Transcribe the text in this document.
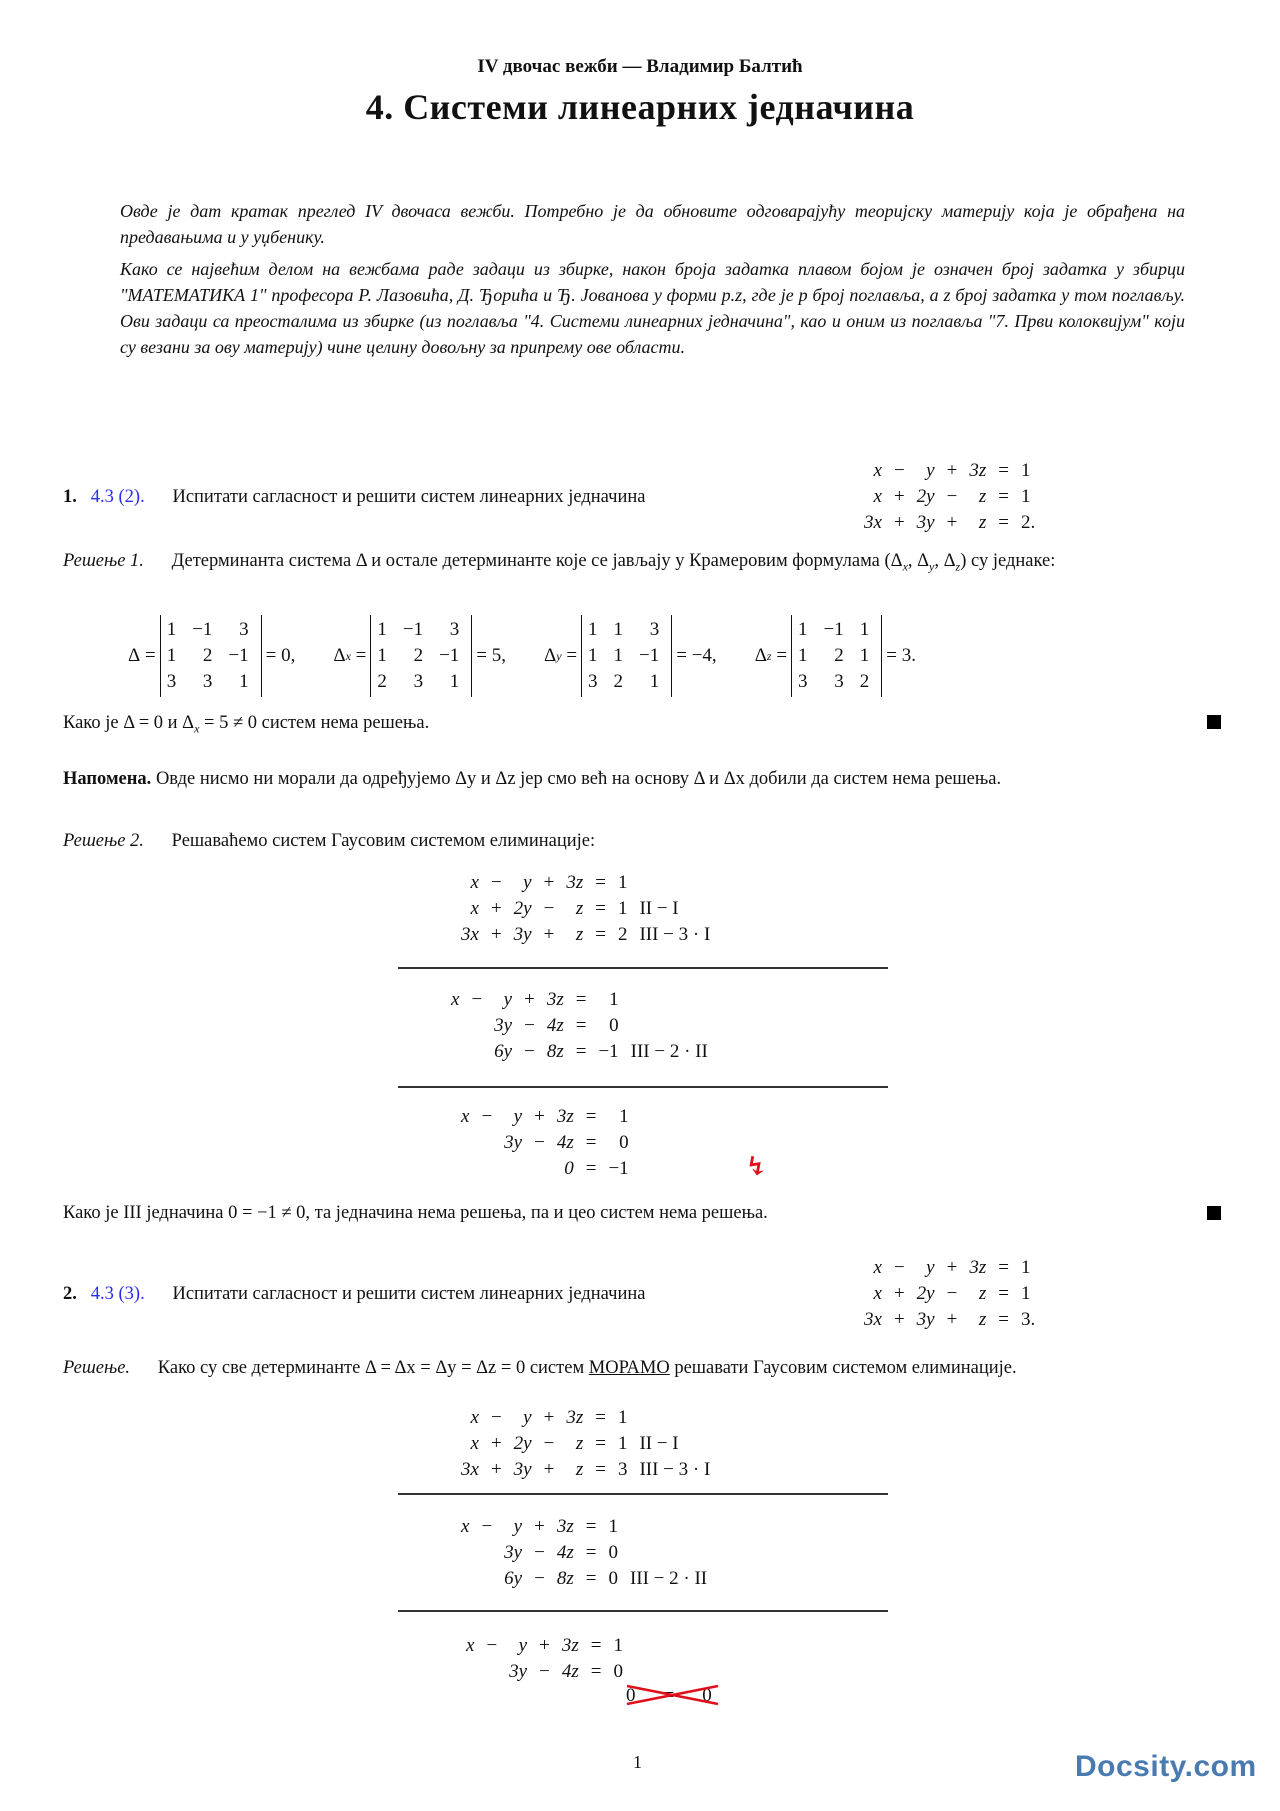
IV двочас вежби — Владимир Балтић
4. Системи линеарних једначина
Овде је дат кратак преглед IV двочаса вежби. Потребно је да обновите одговарајућу теоријску материју која је обрађена на предавањима и у уџбенику.
Како се највећим делом на вежбама раде задаци из збирке, након броја задатка плавом бојом је означен број задатка у збирци "МАТЕМАТИКА 1" професора Р. Лазовића, Д. Ђорића и Ђ. Јованова у форми p.z, где је p број поглавља, а z број задатка у том поглављу. Ови задаци са преосталима из збирке (из поглавља "4. Системи линеарних једначина", као и оним из поглавља "7. Први колоквијум" који су везани за ову материју) чине целину довољну за припрему ове области.
1. 4.3 (2). Испитати сагласност и решити систем линеарних једначина
x	−	y	+	3z	=	1
x	+	2y	−	z	=	1
3x	+	3y	+	z	=	2.
Решење 1. Детерминанта система Δ и остале детерминанте које се јављају у Крамеровим формулама ($\Delta_x$, $\Delta_y$, $\Delta_z$) су једнаке:
Δ =
1	−1	3
1	2	−1
3	3	1
= 0, Δ x =
1	−1	3
1	2	−1
2	3	1
= 5, Δ y =
1	1	3
1	1	−1
3	2	1
= −4, Δ z =
1	−1	1
1	2	1
3	3	2
= 3.
Како је Δ = 0 и $\Delta_x = 5 \ne 0$ систем нема решења.
Напомена. Овде нисмо ни морали да одређујемо Δy и Δz јер смо већ на основу Δ и Δx добили да систем нема решења.
Решење 2. Решаваћемо систем Гаусовим системом елиминације:
x	−	y	+	3z	=	1	
x	+	2y	−	z	=	1	II − I
3x	+	3y	+	z	=	2	III − 3 · I
x	−	y	+	3z	=	1	
		3y	−	4z	=	0	
		6y	−	8z	=	−1	III − 2 · II
x	−	y	+	3z	=	1
		3y	−	4z	=	0
				0	=	−1	↯
Како је III једначина 0 = −1 ≠ 0, та једначина нема решења, па и цео систем нема решења.
2. 4.3 (3). Испитати сагласност и решити систем линеарних једначина
x	−	y	+	3z	=	1
x	+	2y	−	z	=	1
3x	+	3y	+	z	=	3.
Решење. Како су све детерминанте Δ = Δx = Δy = Δz = 0 систем МОРАМО решавати Гаусовим системом елиминације.
x	−	y	+	3z	=	1	
x	+	2y	−	z	=	1	II − I
3x	+	3y	+	z	=	3	III − 3 · I
x	−	y	+	3z	=	1	
		3y	−	4z	=	0	
		6y	−	8z	=	0	III − 2 · II
x	−	y	+	3z	=	1
		3y	−	4z	=	0
0	0
1	Docsity.com
